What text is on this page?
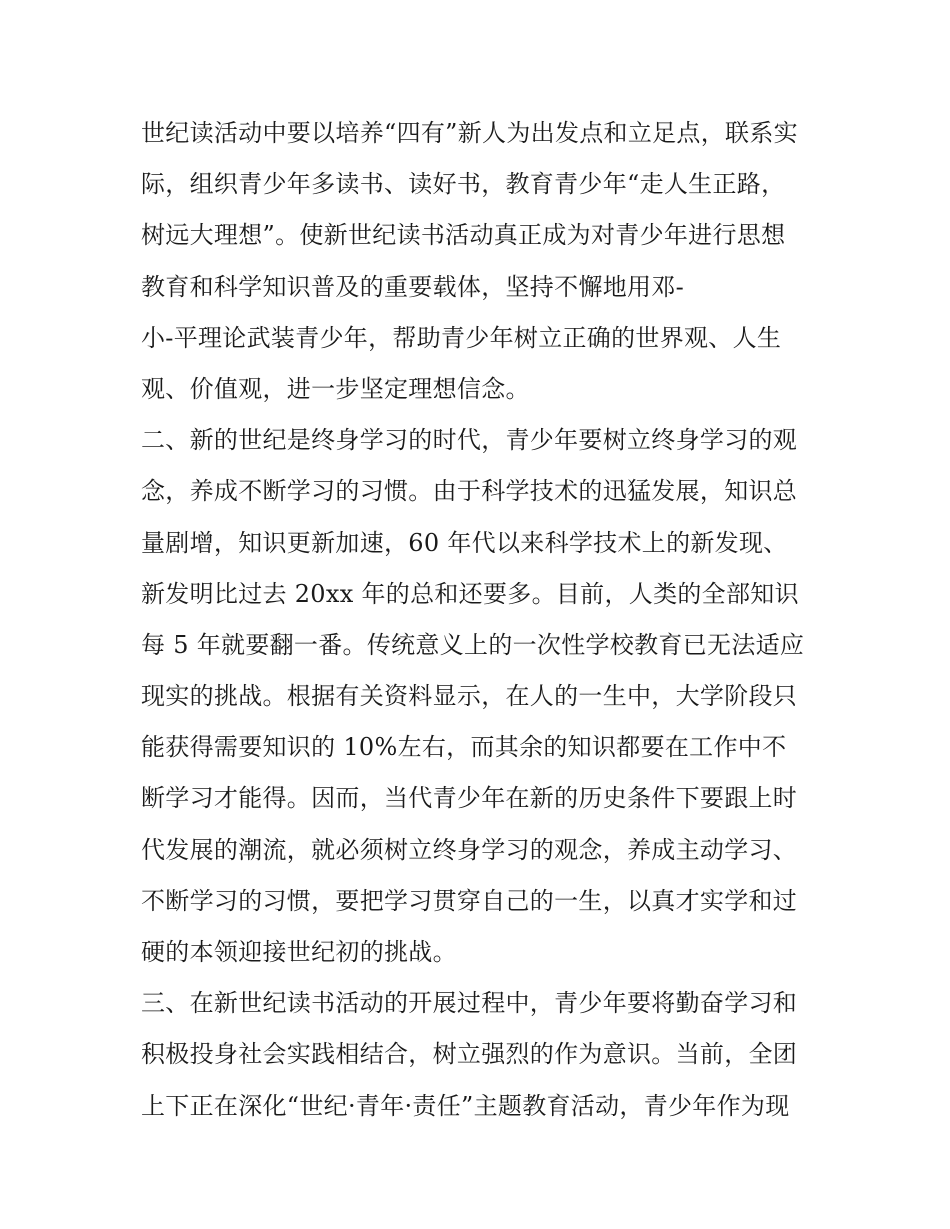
世纪读活动中要以培养“四有”新人为出发点和立足点，联系实
际，组织青少年多读书、读好书，教育青少年“走人生正路，
树远大理想”。使新世纪读书活动真正成为对青少年进行思想
教育和科学知识普及的重要载体，坚持不懈地用邓-
小-平理论武装青少年，帮助青少年树立正确的世界观、人生
观、价值观，进一步坚定理想信念。
二、新的世纪是终身学习的时代，青少年要树立终身学习的观
念，养成不断学习的习惯。由于科学技术的迅猛发展，知识总
量剧增，知识更新加速，60 年代以来科学技术上的新发现、
新发明比过去 20xx 年的总和还要多。目前，人类的全部知识
每 5 年就要翻一番。传统意义上的一次性学校教育已无法适应
现实的挑战。根据有关资料显示，在人的一生中，大学阶段只
能获得需要知识的 10%左右，而其余的知识都要在工作中不
断学习才能得。因而，当代青少年在新的历史条件下要跟上时
代发展的潮流，就必须树立终身学习的观念，养成主动学习、
不断学习的习惯，要把学习贯穿自己的一生，以真才实学和过
硬的本领迎接世纪初的挑战。
三、在新世纪读书活动的开展过程中，青少年要将勤奋学习和
积极投身社会实践相结合，树立强烈的作为意识。当前，全团
上下正在深化“世纪·青年·责任”主题教育活动，青少年作为现
